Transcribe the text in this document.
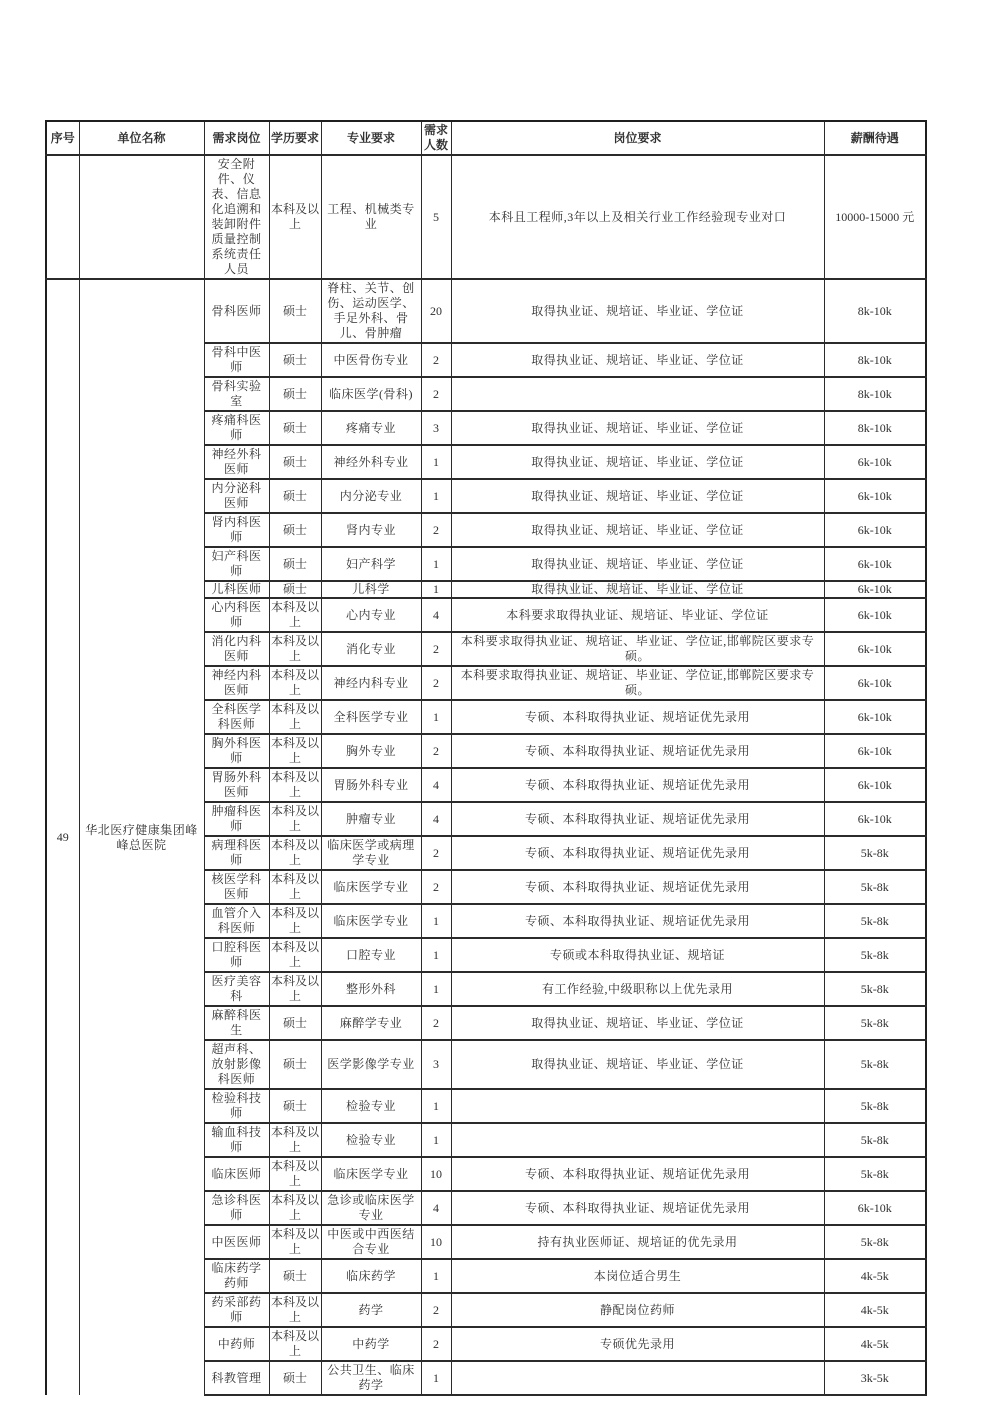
序号	单位名称	需求岗位	学历要求	专业要求	需求人数	岗位要求	薪酬待遇
		安全附件、仪表、信息化追溯和装卸附件质量控制系统责任人员	本科及以上	工程、机械类专业	5	本科且工程师,3年以上及相关行业工作经验现专业对口	10000-15000 元
49	华北医疗健康集团峰峰总医院	骨科医师	硕士	脊柱、关节、创伤、运动医学、手足外科、骨儿、骨肿瘤	20	取得执业证、规培证、毕业证、学位证	8k-10k
		骨科中医师	硕士	中医骨伤专业	2	取得执业证、规培证、毕业证、学位证	8k-10k
		骨科实验室	硕士	临床医学(骨科)	2		8k-10k
		疼痛科医师	硕士	疼痛专业	3	取得执业证、规培证、毕业证、学位证	8k-10k
		神经外科医师	硕士	神经外科专业	1	取得执业证、规培证、毕业证、学位证	6k-10k
		内分泌科医师	硕士	内分泌专业	1	取得执业证、规培证、毕业证、学位证	6k-10k
		肾内科医师	硕士	肾内专业	2	取得执业证、规培证、毕业证、学位证	6k-10k
		妇产科医师	硕士	妇产科学	1	取得执业证、规培证、毕业证、学位证	6k-10k
		儿科医师	硕士	儿科学	1	取得执业证、规培证、毕业证、学位证	6k-10k
		心内科医师	本科及以上	心内专业	4	本科要求取得执业证、规培证、毕业证、学位证	6k-10k
		消化内科医师	本科及以上	消化专业	2	本科要求取得执业证、规培证、毕业证、学位证,邯郸院区要求专硕。	6k-10k
		神经内科医师	本科及以上	神经内科专业	2	本科要求取得执业证、规培证、毕业证、学位证,邯郸院区要求专硕。	6k-10k
		全科医学科医师	本科及以上	全科医学专业	1	专硕、本科取得执业证、规培证优先录用	6k-10k
		胸外科医师	本科及以上	胸外专业	2	专硕、本科取得执业证、规培证优先录用	6k-10k
		胃肠外科医师	本科及以上	胃肠外科专业	4	专硕、本科取得执业证、规培证优先录用	6k-10k
		肿瘤科医师	本科及以上	肿瘤专业	4	专硕、本科取得执业证、规培证优先录用	6k-10k
		病理科医师	本科及以上	临床医学或病理学专业	2	专硕、本科取得执业证、规培证优先录用	5k-8k
		核医学科医师	本科及以上	临床医学专业	2	专硕、本科取得执业证、规培证优先录用	5k-8k
		血管介入科医师	本科及以上	临床医学专业	1	专硕、本科取得执业证、规培证优先录用	5k-8k
		口腔科医师	本科及以上	口腔专业	1	专硕或本科取得执业证、规培证	5k-8k
		医疗美容科	本科及以上	整形外科	1	有工作经验,中级职称以上优先录用	5k-8k
		麻醉科医生	硕士	麻醉学专业	2	取得执业证、规培证、毕业证、学位证	5k-8k
		超声科、放射影像科医师	硕士	医学影像学专业	3	取得执业证、规培证、毕业证、学位证	5k-8k
		检验科技师	硕士	检验专业	1		5k-8k
		输血科技师	本科及以上	检验专业	1		5k-8k
		临床医师	本科及以上	临床医学专业	10	专硕、本科取得执业证、规培证优先录用	5k-8k
		急诊科医师	本科及以上	急诊或临床医学专业	4	专硕、本科取得执业证、规培证优先录用	6k-10k
		中医医师	本科及以上	中医或中西医结合专业	10	持有执业医师证、规培证的优先录用	5k-8k
		临床药学药师	硕士	临床药学	1	本岗位适合男生	4k-5k
		药采部药师	本科及以上	药学	2	静配岗位药师	4k-5k
		中药师	本科及以上	中药学	2	专硕优先录用	4k-5k
		科教管理	硕士	公共卫生、临床药学	1		3k-5k
